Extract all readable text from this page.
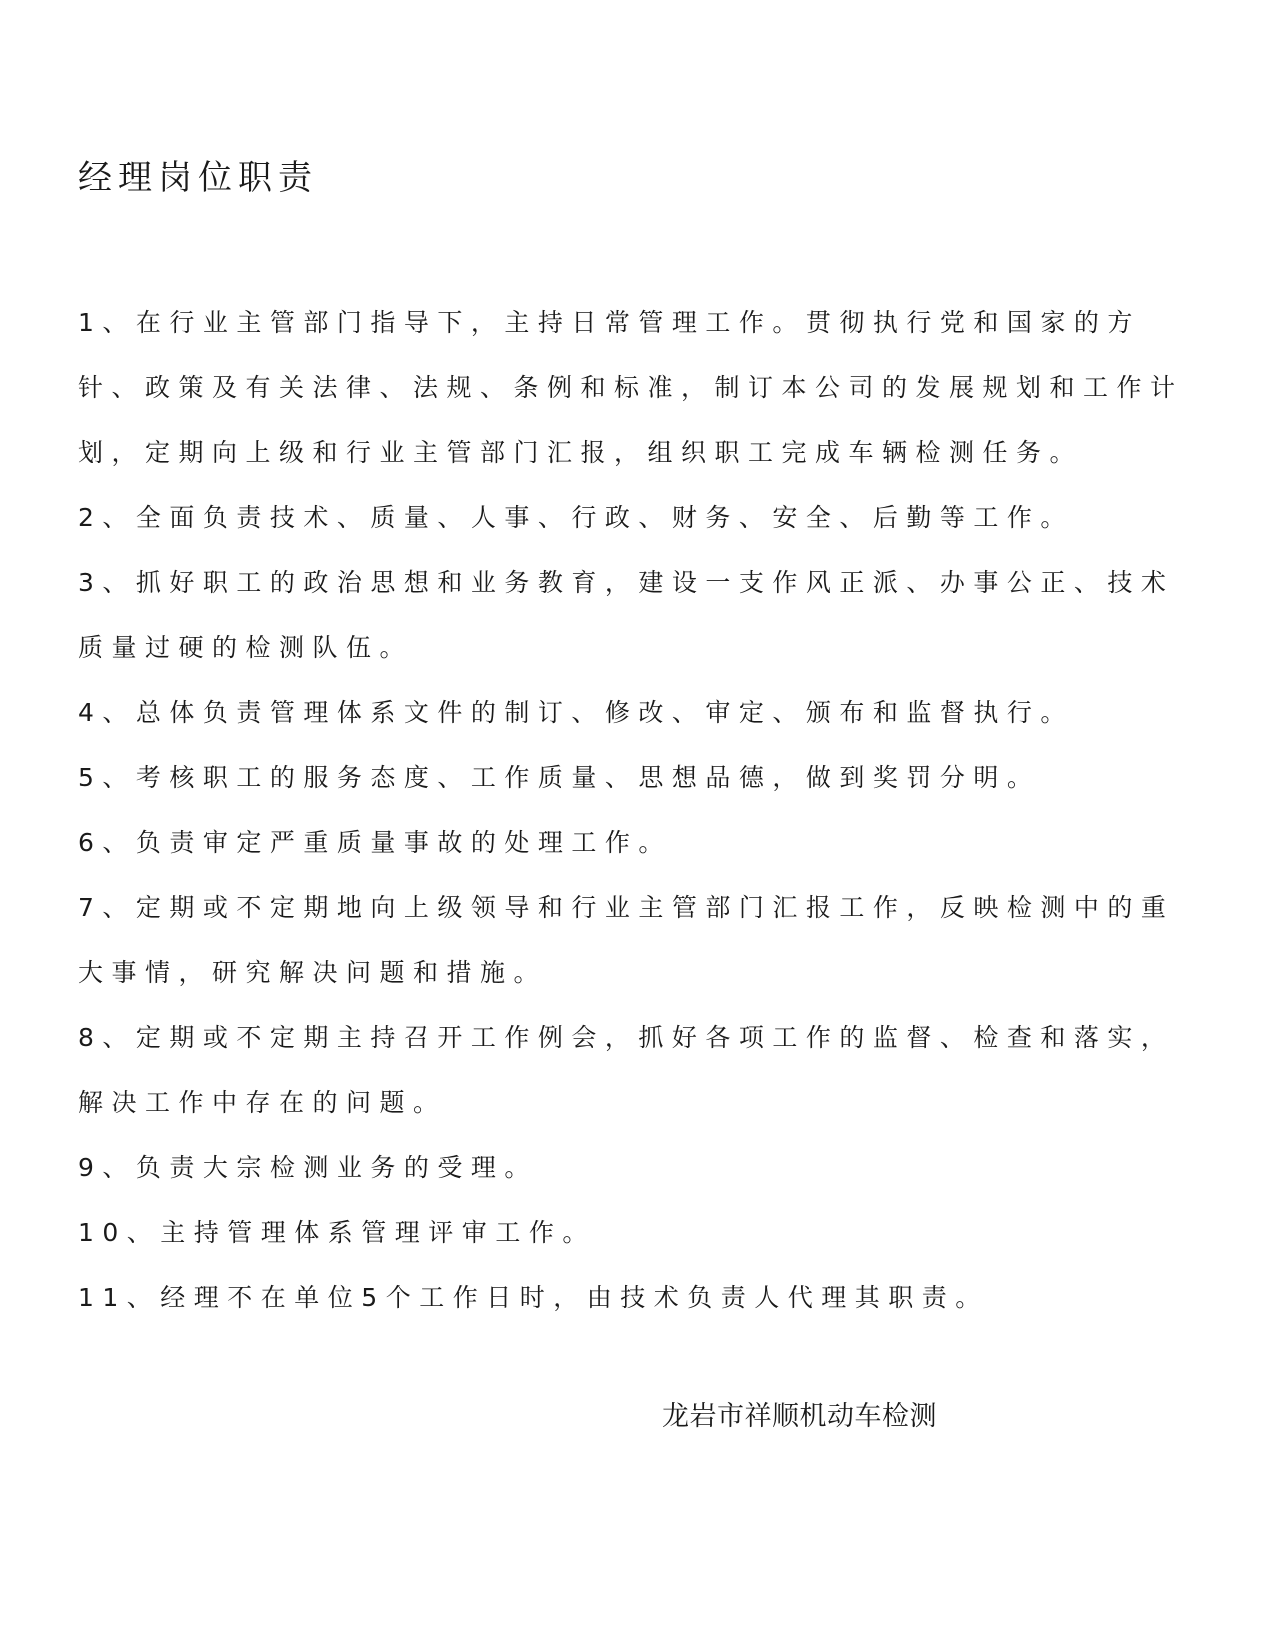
经理岗位职责

1、在行业主管部门指导下，主持日常管理工作。贯彻执行党和国家的方针、政策及有关法律、法规、条例和标准，制订本公司的发展规划和工作计划，定期向上级和行业主管部门汇报，组织职工完成车辆检测任务。

2、全面负责技术、质量、人事、行政、财务、安全、后勤等工作。

3、抓好职工的政治思想和业务教育，建设一支作风正派、办事公正、技术质量过硬的检测队伍。

4、总体负责管理体系文件的制订、修改、审定、颁布和监督执行。

5、考核职工的服务态度、工作质量、思想品德，做到奖罚分明。

6、负责审定严重质量事故的处理工作。

7、定期或不定期地向上级领导和行业主管部门汇报工作，反映检测中的重大事情，研究解决问题和措施。

8、定期或不定期主持召开工作例会，抓好各项工作的监督、检查和落实，解决工作中存在的问题。

9、负责大宗检测业务的受理。

10、主持管理体系管理评审工作。

11、经理不在单位5个工作日时，由技术负责人代理其职责。

龙岩市祥顺机动车检测
